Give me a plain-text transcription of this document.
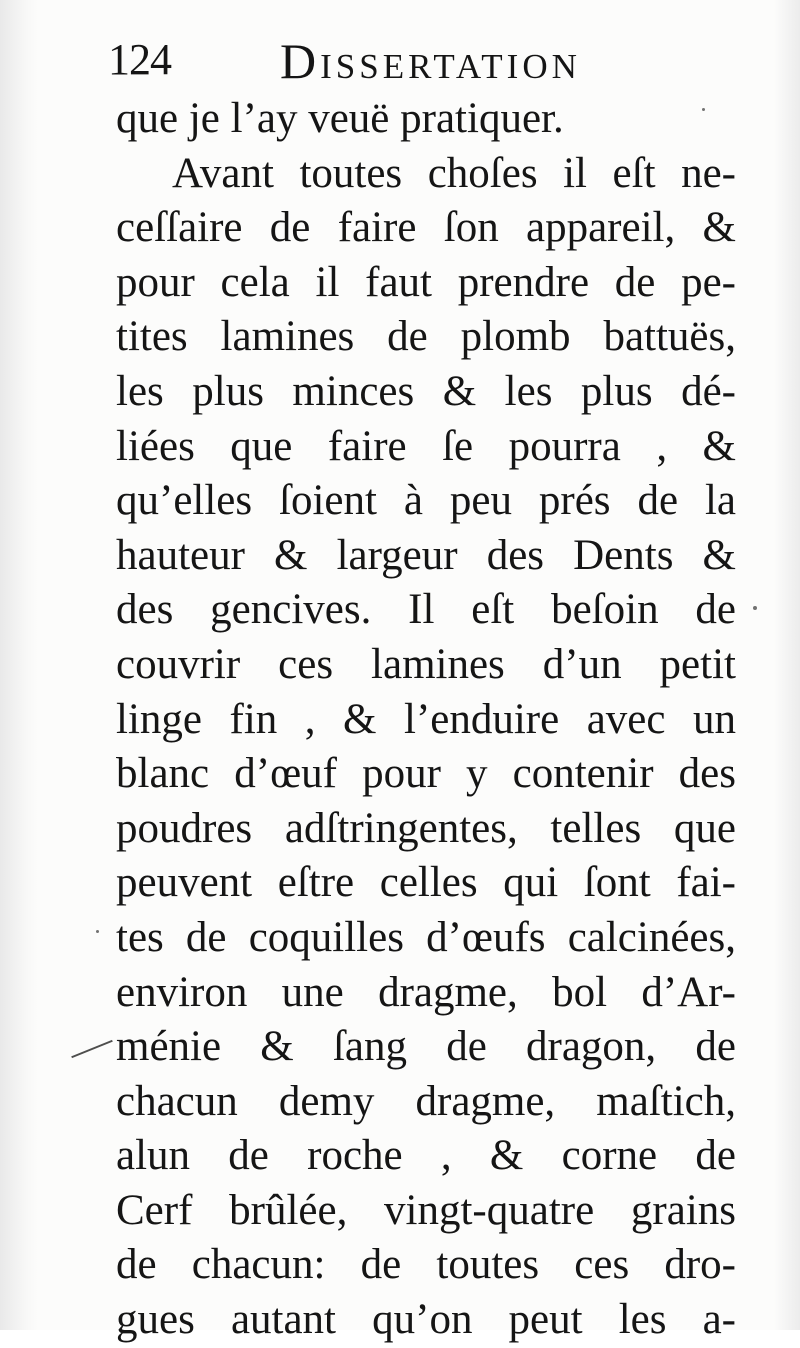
124 Dissertation
que je l’ay veuë pratiquer.
Avant toutes choſes il eſt ne-
ceſſaire de faire ſon appareil, &
pour cela il faut prendre de pe-
tites lamines de plomb battuës,
les plus minces & les plus dé-
liées que faire ſe pourra , &
qu’elles ſoient à peu prés de la
hauteur & largeur des Dents &
des gencives. Il eſt beſoin de
couvrir ces lamines d’un petit
linge fin , & l’enduire avec un
blanc d’œuf pour y contenir des
poudres adſtringentes, telles que
peuvent eſtre celles qui ſont fai-
tes de coquilles d’œufs calcinées,
environ une dragme, bol d’Ar-
ménie & ſang de dragon, de
chacun demy dragme, maſtich,
alun de roche , & corne de
Cerf brûlée, vingt-quatre grains
de chacun: de toutes ces dro-
gues autant qu’on peut les a-
